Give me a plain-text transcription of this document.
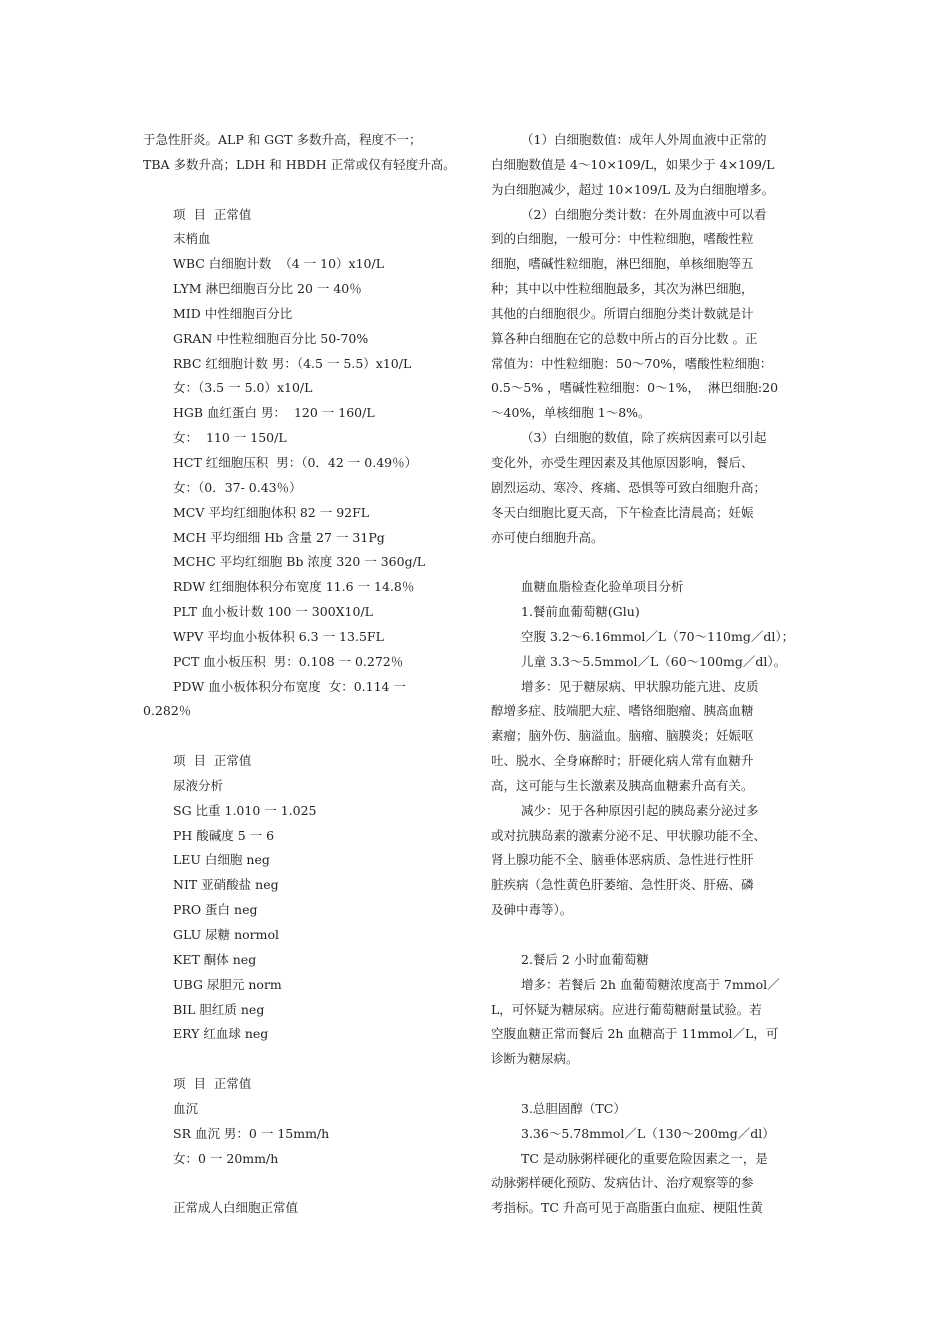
于急性肝炎。ALP 和 GGT 多数升高，程度不一；
TBA 多数升高；LDH 和 HBDH 正常或仅有轻度升高。
项  目  正常值
末梢血
WBC 白细胞计数  （4 一 10）x10/L
LYM 淋巴细胞百分比 20 一 40％
MID 中性细胞百分比
GRAN 中性粒细胞百分比 50-70%
RBC 红细胞计数 男：（4.5 一 5.5）x10/L
女：（3.5 一 5.0）x10/L
HGB 血红蛋白 男：  120 一 160/L
女：  110 一 150/L
HCT 红细胞压积  男：（0．42 一 0.49％）
女：（0．37- 0.43％）
MCV 平均红细胞体积 82 一 92FL
MCH 平均细细 Hb 含量 27 一 31Pg
MCHC 平均红细胞 Bb 浓度 320 一 360g/L
RDW 红细胞体积分布宽度 11.6 一 14.8％
PLT 血小板计数 100 一 300X10/L
WPV 平均血小板体积 6.3 一 13.5FL
PCT 血小板压积  男：0.108 一 0.272％
PDW 血小板体积分布宽度  女：0.114 一
0.282％
项  目  正常值
尿液分析
SG 比重 1.010 一 1.025
PH 酸碱度 5 一 6
LEU 白细胞 neg
NIT 亚硝酸盐 neg
PRO 蛋白 neg
GLU 尿糖 normol
KET 酮体 neg
UBG 尿胆元 norm
BIL 胆红质 neg
ERY 红血球 neg
项  目  正常值
血沉
SR 血沉 男：0 一 15mm/h
女：0 一 20mm/h
正常成人白细胞正常值
（1）白细胞数值：成年人外周血液中正常的
白细胞数值是 4～10×109/L，如果少于 4×109/L
为白细胞减少，超过 10×109/L 及为白细胞增多。
（2）白细胞分类计数：在外周血液中可以看
到的白细胞，一般可分：中性粒细胞，嗜酸性粒
细胞，嗜碱性粒细胞，淋巴细胞，单核细胞等五
种；其中以中性粒细胞最多，其次为淋巴细胞，
其他的白细胞很少。所谓白细胞分类计数就是计
算各种白细胞在它的总数中所占的百分比数 。正
常值为：中性粒细胞：50～70%，嗜酸性粒细胞：
0.5～5% ，嗜碱性粒细胞：0～1%，  淋巴细胞:20
～40%，单核细胞 1～8%。
（3）白细胞的数值，除了疾病因素可以引起
变化外，亦受生理因素及其他原因影响，餐后、
剧烈运动、寒冷、疼痛、恐惧等可致白细胞升高；
冬天白细胞比夏天高，下午检查比清晨高；妊娠
亦可使白细胞升高。
血糖血脂检查化验单项目分析
1.餐前血葡萄糖(Glu)
空腹 3.2～6.16mmol／L（70～110mg／dl）；
儿童 3.3～5.5mmol／L（60～100mg／dl）。
增多：见于糖尿病、甲状腺功能亢进、皮质
醇增多症、肢端肥大症、嗜铬细胞瘤、胰高血糖
素瘤；脑外伤、脑溢血。脑瘤、脑膜炎；妊娠呕
吐、脱水、全身麻醉时；肝硬化病人常有血糖升
高，这可能与生长激素及胰高血糖素升高有关。
减少：见于各种原因引起的胰岛素分泌过多
或对抗胰岛素的激素分泌不足、甲状腺功能不全、
肾上腺功能不全、脑垂体恶病质、急性进行性肝
脏疾病（急性黄色肝萎缩、急性肝炎、肝癌、磷
及砷中毒等）。
2.餐后 2 小时血葡萄糖
增多：若餐后 2h 血葡萄糖浓度高于 7mmol／
L，可怀疑为糖尿病。应进行葡萄糖耐量试验。若
空腹血糖正常而餐后 2h 血糖高于 11mmol／L，可
诊断为糖尿病。
3.总胆固醇（TC）
3.36～5.78mmol／L（130～200mg／dl）
TC 是动脉粥样硬化的重要危险因素之一，是
动脉粥样硬化预防、发病估计、治疗观察等的参
考指标。TC 升高可见于高脂蛋白血症、梗阻性黄
